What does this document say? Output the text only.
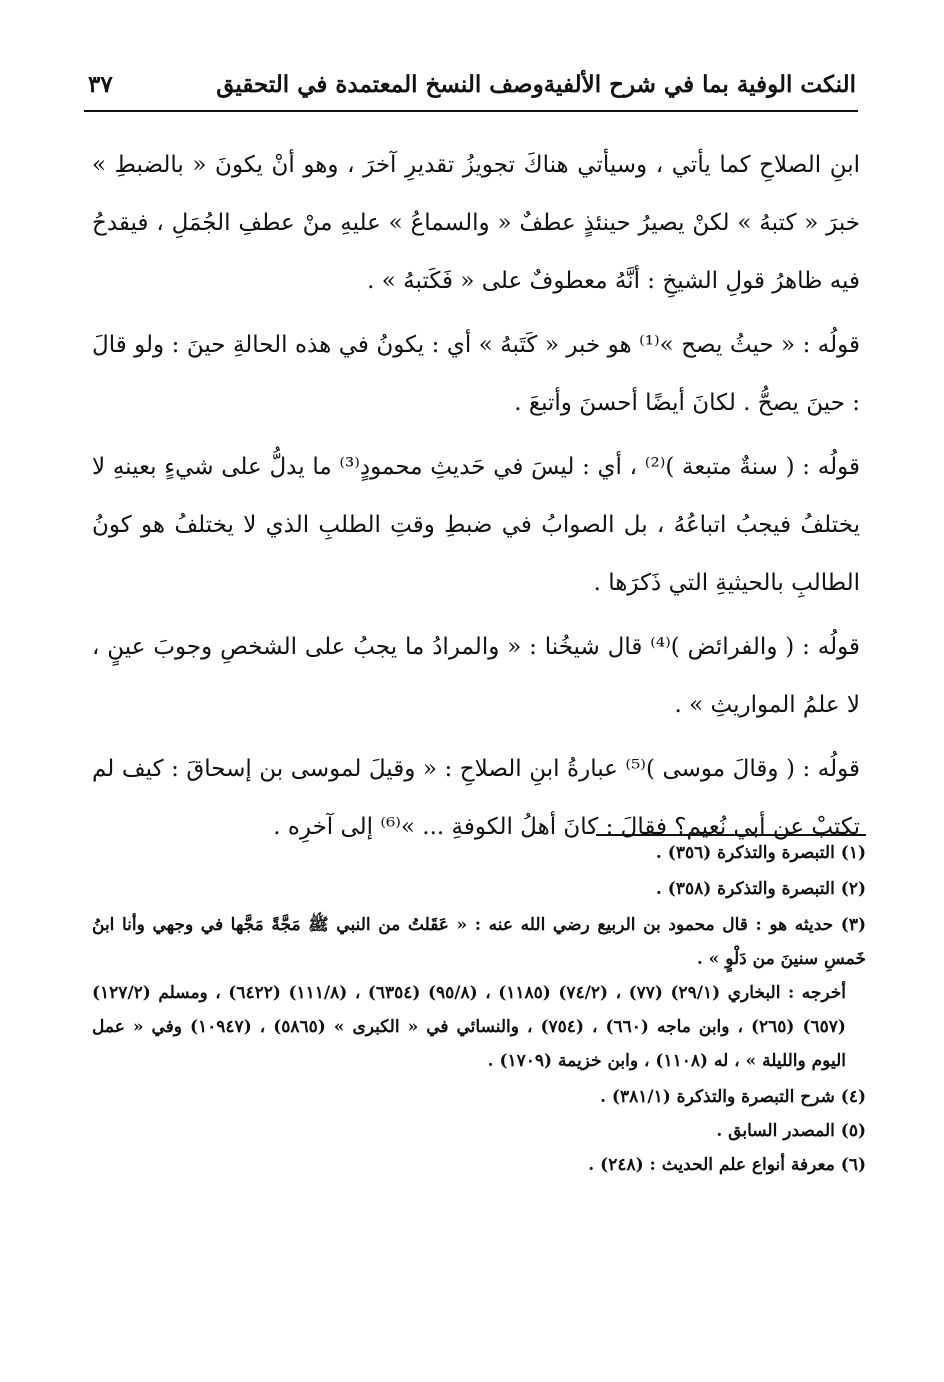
النكت الوفية بما في شرح الألفيةوصف النسخ المعتمدة في التحقيق
٣٧

ابنِ الصلاحِ كما يأتي ، وسيأتي هناكَ تجويزُ تقديرِ آخرَ ، وهو أنْ يكونَ « بالضبطِ » خبرَ « كتبهُ » لكنْ يصيرُ حينئذٍ عطفٌ « والسماعُ » عليهِ منْ عطفِ الجُمَلِ ، فيقدحُ فيه ظاهرُ قولِ الشيخِ : أنَّهُ معطوفٌ على « فَكَتبهُ » .

قولُه : « حيثُ يصح »⁽¹⁾ هو خبر « كَتَبهُ » أي : يكونُ في هذه الحالةِ حينَ : ولو قالَ : حينَ يصحُّ . لكانَ أيضًا أحسنَ وأتبعَ .

قولُه : ( سنةٌ متبعة )⁽²⁾ ، أي : ليسَ في حَديثِ محمودٍ⁽³⁾ ما يدلُّ على شيءٍ بعينهِ لا يختلفُ فيجبُ اتباعُهُ ، بل الصوابُ في ضبطِ وقتِ الطلبِ الذي لا يختلفُ هو كونُ الطالبِ بالحيثيةِ التي ذَكرَها .

قولُه : ( والفرائض )⁽⁴⁾ قال شيخُنا : « والمرادُ ما يجبُ على الشخصِ وجوبَ عينٍ ، لا علمُ المواريثِ » .

قولُه : ( وقالَ موسى )⁽⁵⁾ عبارةُ ابنِ الصلاحِ : « وقيلَ لموسى بن إسحاقَ : كيف لم تكتبْ عن أبي نُعيم؟ فقالَ : كانَ أهلُ الكوفةِ ... »⁽⁶⁾ إلى آخرِه .

(١) التبصرة والتذكرة (٣٥٦) .

(٢) التبصرة والتذكرة (٣٥٨) .

(٣) حديثه هو : قال محمود بن الربيع رضي الله عنه : « عَقَلتُ من النبي ﷺ مَجَّةً مَجَّها في وجهي وأنا ابنُ خَمسِ سنينَ من دَلْوٍ » .

أخرجه : البخاري (٢٩/١) (٧٧) ، (٧٤/٢) (١١٨٥) ، (٩٥/٨) (٦٣٥٤) ، (١١١/٨) (٦٤٢٢) ، ومسلم (١٢٧/٢) (٦٥٧) (٢٦٥) ، وابن ماجه (٦٦٠) ، (٧٥٤) ، والنسائي في « الكبرى » (٥٨٦٥) ، (١٠٩٤٧) وفي « عمل اليوم والليلة » ، له (١١٠٨) ، وابن خزيمة (١٧٠٩) .

(٤) شرح التبصرة والتذكرة (٣٨١/١) .

(٥) المصدر السابق .

(٦) معرفة أنواع علم الحديث : (٢٤٨) .
